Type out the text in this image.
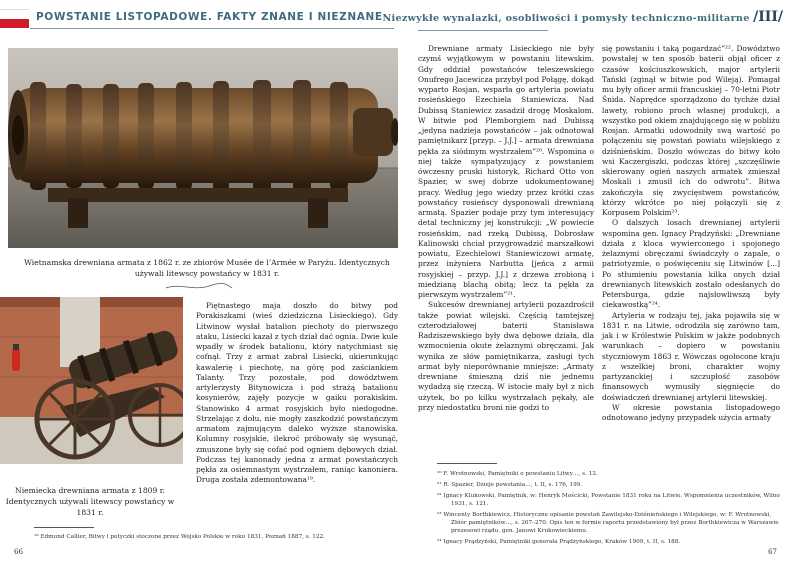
POWSTANIE LISTOPADOWE. FAKTY ZNANE I NIEZNANE Niezwykłe wynalazki, osobliwości i pomysły techniczno-militarne /III/
Wietnamska drewniana armata z 1862 r. ze zbiorów Musée de l’Armée w Paryżu. Identycznych używali litewscy powstańcy w 1831 r.
Niemiecka drewniana armata z 1809 r. Identycznych używali litewscy powstańcy w 1831 r.

Piętnastego maja doszło do bitwy pod Porakiszkami (wieś dziedziczna Lisieckiego). Gdy Litwinow wysłał batalion piechoty do pierwszego ataku, Lisiecki kazał z tych dział dać ognia. Dwie kule wpadły w środek batalionu, który natychmiast się cofnął. Trzy z armat zabrał Lisiecki, ukierunkując kawalerię i piechotę, na górę pod zaściankiem Talanty. Trzy pozostałe, pod dowództwem artylerzysty Bitynowicza i pod strażą batalionu kosynierów, zajęły pozycje w gaiku porakiskim. Stanowisko 4 armat rosyjskich było niedogodne. Strzelając z dołu, nie mogły zaszkodzić powstańczym armatom zajmującym daleko wyższe stanowiska. Kolumny rosyjskie, ilekroć próbowały się wysunąć, zmuszone były się cofać pod ogniem dębowych dział. Podczas tej kanonady jedna z armat powstańczych pękła za osiemnastym wystrzałem, raniąc kanoniera. Druga została zdemontowana¹⁹.

¹⁹ Edmund Callier, Bitwy i potyczki stoczone przez Wojsko Polskie w roku 1831, Poznań 1887, s. 122.
66

Drewniane armaty Lisieckiego nie były czymś wyjątkowym w powstaniu litewskim. Gdy oddział powstańców teleszewskiego Onufrego Jacewicza przybył pod Połągę, dokąd wyparto Rosjan, wsparła go artyleria powiatu rosieńskiego Ezechiela Staniewicza. Nad Dubissą Staniewicz zasadził drogę Moskalom. W bitwie pod Plemborgiem nad Dubissą „jedyna nadzieja powstańców – jak odnotował pamiętnikarz [przyp. – J.J.] – armata drewniana pękła za siódmym wystrzałem”²⁰. Wspomina o niej także sympatyzujący z powstaniem ówczesny pruski historyk, Richard Otto von Spazier, w swej dobrze udokumentowanej pracy. Według jego wiedzy przez krótki czas powstańcy rosieńscy dysponowali drewnianą armatą. Spazier podaje przy tym interesujący detal techniczny jej konstrukcji: „W powiecie rosieńskim, nad rzeką Dubissą, Dobrosław Kalinowski chciał przygrowadzić marszałkowi powiatu, Ezechielowi Staniewiczowi armatę, przez inżyniera Narbutta [jeńca z armii rosyjskiej – przyp. J.J.] z drzewa zrobioną i miedzianą blachą obitą; lecz ta pękła za pierwszym wystrzałem”²¹.

Sukcesów drewnianej artylerii pozazdrościł także powiat wilejski. Częścią tamtejszej czterodziałowej baterii Stanisława Radziszewskiego były dwa dębowe działa, dla wzmocnienia okute żelaznymi obręczami. Jak wynika ze słów pamiętnikarza, zasługi tych armat były nieporównanie mniejsze: „Armaty drewniane śmieszną dziś nie jednemu wydadzą się rzeczą. W istocie mały był z nich użytek, bo po kilku wystrzałach pękały, ale przy niedostatku broni nie godzi to

się powstaniu i taką pogardzać”²². Dowództwo powstałej w ten sposób baterii objął oficer z czasów kościuszkowskich, major artylerii Tański (zginął w bitwie pod Wileją). Pomagał mu były oficer armii francuskiej – 70-letni Piotr Śnida. Naprędce sporządzono do tychże dział lawety, robiono proch własnej produkcji, a wszystko pod okiem znajdującego się w pobliżu Rosjan. Armatki udowodniły swą wartość po połączeniu się powstań powiatu wilejskiego z dziśnieńskim. Doszło wówczas do bitwy koło wsi Kaczergiszki, podczas której „szczęśliwie skierowany ogień naszych armatek zmieszał Moskali i zmusił ich do odwrotu”. Bitwa zakończyła się zwycięstwem powstańców, którzy wkrótce po niej połączyli się z Korpusem Polskim²³.

O dalszych losach drewnianej artylerii wspomina gen. Ignacy Prądzyński: „Drewniane działa z kloca wywierconego i spojonego żelaznymi obręczami świadczyły o zapale, o patriotyzmie, o poświęceniu się Litwinów [...] Po stłumieniu powstania kilka onych dział drewnianych litewskich zostało odesłanych do Petersburga, gdzie najsłowliwszą były ciekawostką”²⁴.

Artyleria w rodzaju tej, jaka pojawiła się w 1831 r. na Litwie, odrodziła się zarówno tam, jak i w Królestwie Polskim w jakże podobnych warunkach – dopiero w powstaniu styczniowym 1863 r. Wówczas ogołocone kraju z wszelkiej broni, charakter wojny partyzanckiej i szczupłość zasobów finansowych wymusiły sięgnięcie do doświadczeń drewnianej artylerii litewskiej.

W okresie powstania listopadowego odnotowano jedyny przypadek użycia armaty

²⁰ F. Wrotnowski, Pamiętniki o powstaniu Litwy…, s. 12.
²¹ R. Spazier, Dzieje powstania…, t. II, s. 176, 199.
²² Ignacy Klukowski, Pamiętnik, w: Henryk Mościcki, Powstanie 1831 roku na Litwie. Wspomnienia uczestników, Wilno 1931, s. 121.
²³ Wincenty Borthkiewicz, Historyczne opisanie powstań Zawilejsko-Dziśnieńskiego i Wilejskiego, w: F. Wrotnowski, Zbiór pamiętników…, s. 267–270. Opis ten w formie raportu przedstawiony był przez Borthkiewicza w Warszawie prezesowi rządu, gen. Janowi Krukowieckiemu.
²⁴ Ignacy Prądzyński, Pamiętniki generała Prądzyńskiego, Kraków 1909, t. II, s. 188.
67
